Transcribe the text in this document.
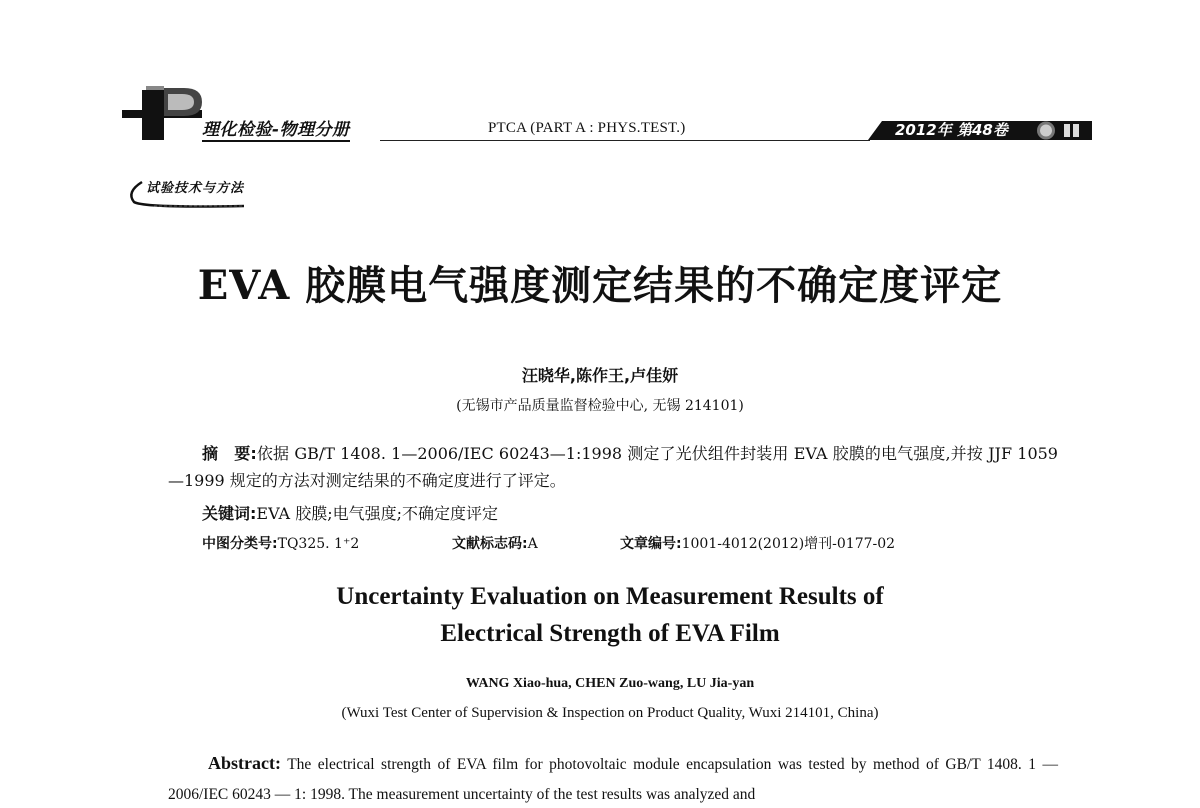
理化检验-物理分册	PTCA (PART A : PHYS.TEST.)	2012年 第48卷
试验技术与方法
EVA 胶膜电气强度测定结果的不确定度评定
汪晓华,陈作王,卢佳妍
(无锡市产品质量监督检验中心, 无锡 214101)
摘　要:依据 GB/T 1408. 1—2006/IEC 60243—1:1998 测定了光伏组件封装用 EVA 胶膜的电气强度,并按 JJF 1059—1999 规定的方法对测定结果的不确定度进行了评定。
关键词:EVA 胶膜;电气强度;不确定度评定
中图分类号:TQ325. 1⁺2	文献标志码:A	文章编号:1001-4012(2012)增刊-0177-02
Uncertainty Evaluation on Measurement Results of
Electrical Strength of EVA Film
WANG Xiao-hua, CHEN Zuo-wang, LU Jia-yan
(Wuxi Test Center of Supervision & Inspection on Product Quality, Wuxi 214101, China)
Abstract: The electrical strength of EVA film for photovoltaic module encapsulation was tested by method of GB/T 1408. 1 — 2006/IEC 60243 — 1: 1998. The measurement uncertainty of the test results was analyzed and
